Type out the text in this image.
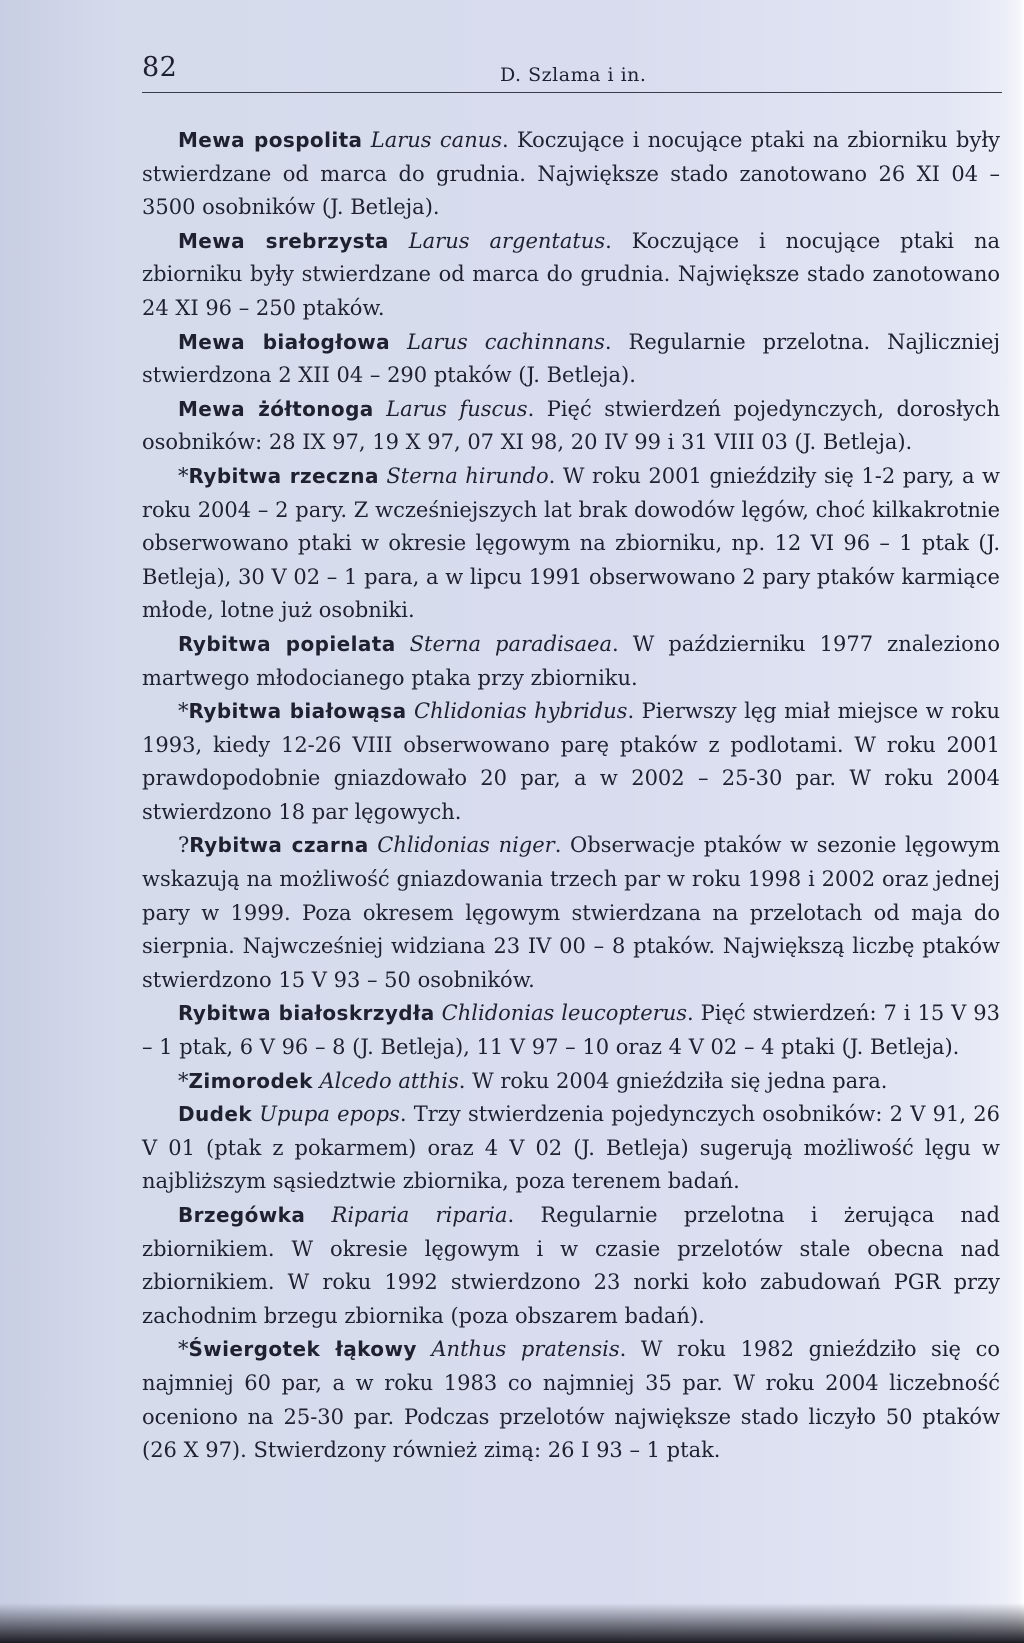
82	D. Szlama i in.

Mewa pospolita Larus canus. Koczujące i nocujące ptaki na zbiorniku były stwierdzane od marca do grudnia. Największe stado zanotowano 26 XI 04 – 3500 osobników (J. Betleja).

Mewa srebrzysta Larus argentatus. Koczujące i nocujące ptaki na zbiorniku były stwierdzane od marca do grudnia. Największe stado zanotowano 24 XI 96 – 250 ptaków.

Mewa białogłowa Larus cachinnans. Regularnie przelotna. Najliczniej stwierdzona 2 XII 04 – 290 ptaków (J. Betleja).

Mewa żółtonoga Larus fuscus. Pięć stwierdzeń pojedynczych, dorosłych osobników: 28 IX 97, 19 X 97, 07 XI 98, 20 IV 99 i 31 VIII 03 (J. Betleja).

*Rybitwa rzeczna Sterna hirundo. W roku 2001 gnieździły się 1-2 pary, a w roku 2004 – 2 pary. Z wcześniejszych lat brak dowodów lęgów, choć kilkakrotnie obserwowano ptaki w okresie lęgowym na zbiorniku, np. 12 VI 96 – 1 ptak (J. Betleja), 30 V 02 – 1 para, a w lipcu 1991 obserwowano 2 pary ptaków karmiące młode, lotne już osobniki.

Rybitwa popielata Sterna paradisaea. W październiku 1977 znaleziono martwego młodocianego ptaka przy zbiorniku.

*Rybitwa białowąsa Chlidonias hybridus. Pierwszy lęg miał miejsce w roku 1993, kiedy 12-26 VIII obserwowano parę ptaków z podlotami. W roku 2001 prawdopodobnie gniazdowało 20 par, a w 2002 – 25-30 par. W roku 2004 stwierdzono 18 par lęgowych.

?Rybitwa czarna Chlidonias niger. Obserwacje ptaków w sezonie lęgowym wskazują na możliwość gniazdowania trzech par w roku 1998 i 2002 oraz jednej pary w 1999. Poza okresem lęgowym stwierdzana na przelotach od maja do sierpnia. Najwcześniej widziana 23 IV 00 – 8 ptaków. Największą liczbę ptaków stwierdzono 15 V 93 – 50 osobników.

Rybitwa białoskrzydła Chlidonias leucopterus. Pięć stwierdzeń: 7 i 15 V 93 – 1 ptak, 6 V 96 – 8 (J. Betleja), 11 V 97 – 10 oraz 4 V 02 – 4 ptaki (J. Betleja).

*Zimorodek Alcedo atthis. W roku 2004 gnieździła się jedna para.

Dudek Upupa epops. Trzy stwierdzenia pojedynczych osobników: 2 V 91, 26 V 01 (ptak z pokarmem) oraz 4 V 02 (J. Betleja) sugerują możliwość lęgu w najbliższym sąsiedztwie zbiornika, poza terenem badań.

Brzegówka Riparia riparia. Regularnie przelotna i żerująca nad zbiornikiem. W okresie lęgowym i w czasie przelotów stale obecna nad zbiornikiem. W roku 1992 stwierdzono 23 norki koło zabudowań PGR przy zachodnim brzegu zbiornika (poza obszarem badań).

*Świergotek łąkowy Anthus pratensis. W roku 1982 gnieździło się co najmniej 60 par, a w roku 1983 co najmniej 35 par. W roku 2004 liczebność oceniono na 25-30 par. Podczas przelotów największe stado liczyło 50 ptaków (26 X 97). Stwierdzony również zimą: 26 I 93 – 1 ptak.
